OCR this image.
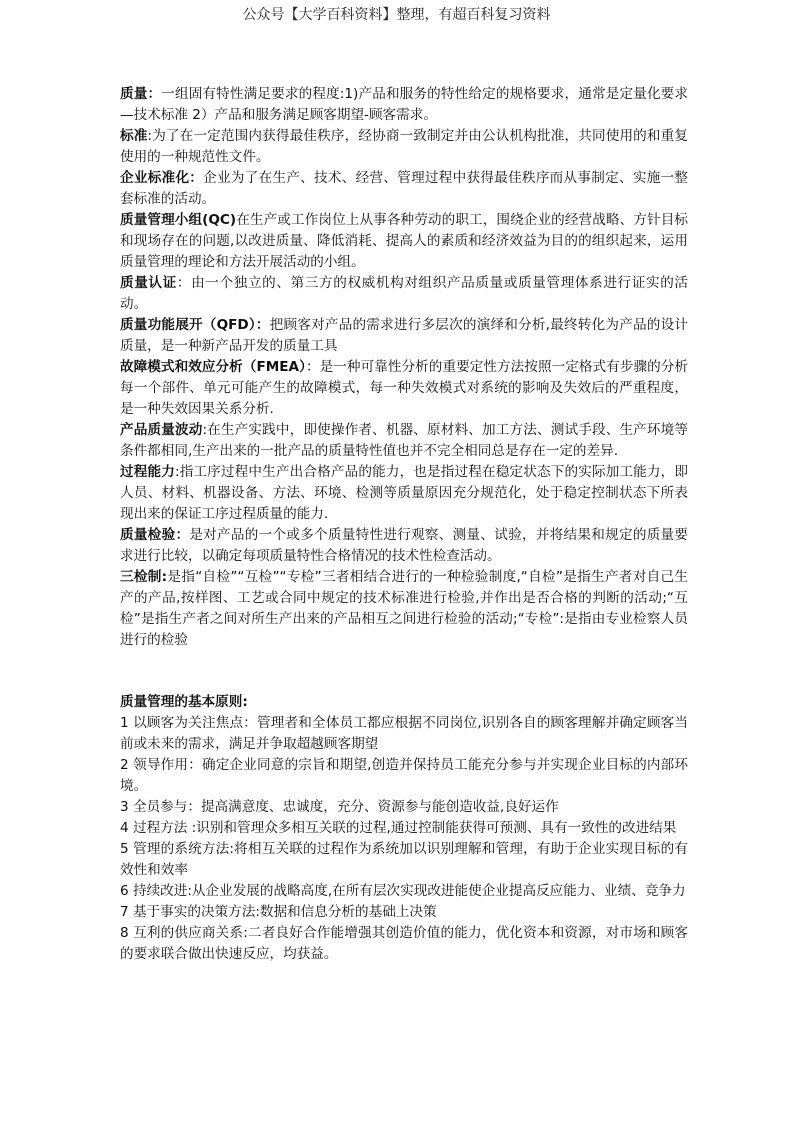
公众号【大学百科资料】整理，有超百科复习资料

质量：一组固有特性满足要求的程度:1)产品和服务的特性给定的规格要求，通常是定量化要求—技术标准 2）产品和服务满足顾客期望-顾客需求。

标准:为了在一定范围内获得最佳秩序，经协商一致制定并由公认机构批准，共同使用的和重复使用的一种规范性文件。

企业标准化：企业为了在生产、技术、经营、管理过程中获得最佳秩序而从事制定、实施一整套标准的活动。

质量管理小组(QC)在生产或工作岗位上从事各种劳动的职工，围绕企业的经营战略、方针目标和现场存在的问题,以改进质量、降低消耗、提高人的素质和经济效益为目的的组织起来，运用质量管理的理论和方法开展活动的小组。

质量认证：由一个独立的、第三方的权威机构对组织产品质量或质量管理体系进行证实的活动。

质量功能展开（QFD）：把顾客对产品的需求进行多层次的演绎和分析,最终转化为产品的设计质量，是一种新产品开发的质量工具

故障模式和效应分析（FMEA）：是一种可靠性分析的重要定性方法按照一定格式有步骤的分析每一个部件、单元可能产生的故障模式，每一种失效模式对系统的影响及失效后的严重程度，是一种失效因果关系分析.

产品质量波动:在生产实践中，即使操作者、机器、原材料、加工方法、测试手段、生产环境等条件都相同,生产出来的一批产品的质量特性值也并不完全相同总是存在一定的差异.

过程能力:指工序过程中生产出合格产品的能力，也是指过程在稳定状态下的实际加工能力，即人员、材料、机器设备、方法、环境、检测等质量原因充分规范化，处于稳定控制状态下所表现出来的保证工序过程质量的能力.

质量检验：是对产品的一个或多个质量特性进行观察、测量、试验，并将结果和规定的质量要求进行比较，以确定每项质量特性合格情况的技术性检查活动。

三检制:是指“自检”“互检”“专检”三者相结合进行的一种检验制度,“自检”是指生产者对自己生产的产品,按样图、工艺或合同中规定的技术标准进行检验,并作出是否合格的判断的活动;“互检”是指生产者之间对所生产出来的产品相互之间进行检验的活动;“专检”:是指由专业检察人员进行的检验

质量管理的基本原则:

1 以顾客为关注焦点：管理者和全体员工都应根据不同岗位,识别各自的顾客理解并确定顾客当前或未来的需求，满足并争取超越顾客期望

2 领导作用：确定企业同意的宗旨和期望,创造并保持员工能充分参与并实现企业目标的内部环境。

3 全员参与：提高满意度、忠诚度，充分、资源参与能创造收益,良好运作

4 过程方法 :识别和管理众多相互关联的过程,通过控制能获得可预测、具有一致性的改进结果

5 管理的系统方法:将相互关联的过程作为系统加以识别理解和管理，有助于企业实现目标的有效性和效率

6 持续改进:从企业发展的战略高度,在所有层次实现改进能使企业提高反应能力、业绩、竞争力

7 基于事实的决策方法:数据和信息分析的基础上决策

8 互利的供应商关系:二者良好合作能增强其创造价值的能力，优化资本和资源，对市场和顾客的要求联合做出快速反应，均获益。
